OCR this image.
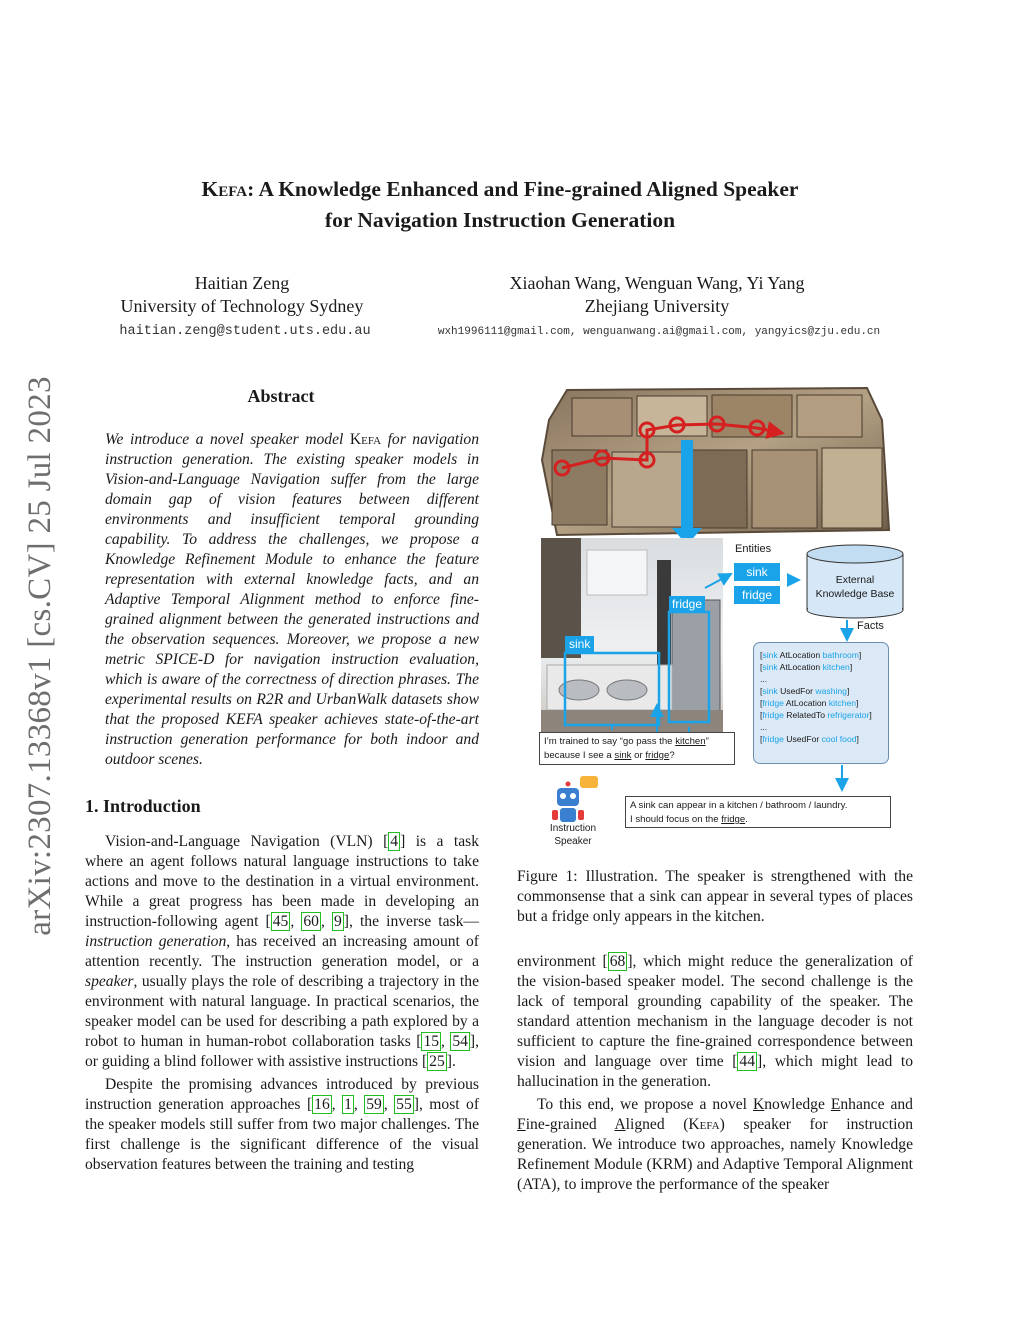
arXiv:2307.13368v1 [cs.CV] 25 Jul 2023
Kefa: A Knowledge Enhanced and Fine-grained Aligned Speaker
for Navigation Instruction Generation
Haitian Zeng
University of Technology Sydney
haitian.zeng@student.uts.edu.au
Xiaohan Wang, Wenguan Wang, Yi Yang
Zhejiang University
wxh1996111@gmail.com, wenguanwang.ai@gmail.com, yangyics@zju.edu.cn
Abstract
We introduce a novel speaker model Kefa for navigation instruction generation. The existing speaker models in Vision-and-Language Navigation suffer from the large domain gap of vision features between different environments and insufficient temporal grounding capability. To address the challenges, we propose a Knowledge Refinement Module to enhance the feature representation with external knowledge facts, and an Adaptive Temporal Alignment method to enforce fine-grained alignment between the generated instructions and the observation sequences. Moreover, we propose a new metric SPICE-D for navigation instruction evaluation, which is aware of the correctness of direction phrases. The experimental results on R2R and UrbanWalk datasets show that the proposed KEFA speaker achieves state-of-the-art instruction generation performance for both indoor and outdoor scenes.
1. Introduction

Vision-and-Language Navigation (VLN) [ 4 ] is a task where an agent follows natural language instructions to take actions and move to the destination in a virtual environment. While a great progress has been made in developing an instruction-following agent [ 45 , 60 , 9 ], the inverse task—instruction generation, has received an increasing amount of attention recently. The instruction generation model, or a speaker, usually plays the role of describing a trajectory in the environment with natural language. In practical scenarios, the speaker model can be used for describing a path explored by a robot to human in human-robot collaboration tasks [ 15 , 54 ], or guiding a blind follower with assistive instructions [ 25 ].

Despite the promising advances introduced by previous instruction generation approaches [ 16 , 1 , 59 , 55 ], most of the speaker models still suffer from two major challenges. The first challenge is the significant difference of the visual observation features between the training and testing

Entities
sink
fridge
External
Knowledge Base
Facts
fridge
sink
[sink AtLocation bathroom]
[sink AtLocation kitchen]
...
[sink UsedFor washing]
[fridge AtLocation kitchen]
[fridge RelatedTo refrigerator]
...
[fridge UsedFor cool food]
I’m trained to say “go pass the kitchen”
because I see a sink or fridge?
A sink can appear in a kitchen / bathroom / laundry.
I should focus on the fridge.
Instruction
Speaker
Figure 1: Illustration. The speaker is strengthened with the commonsense that a sink can appear in several types of places but a fridge only appears in the kitchen.

environment [ 68 ], which might reduce the generalization of the vision-based speaker model. The second challenge is the lack of temporal grounding capability of the speaker. The standard attention mechanism in the language decoder is not sufficient to capture the fine-grained correspondence between vision and language over time [ 44 ], which might lead to hallucination in the generation.

To this end, we propose a novel Knowledge Enhance and Fine-grained Aligned (Kefa) speaker for instruction generation. We introduce two approaches, namely Knowledge Refinement Module (KRM) and Adaptive Temporal Alignment (ATA), to improve the performance of the speaker
